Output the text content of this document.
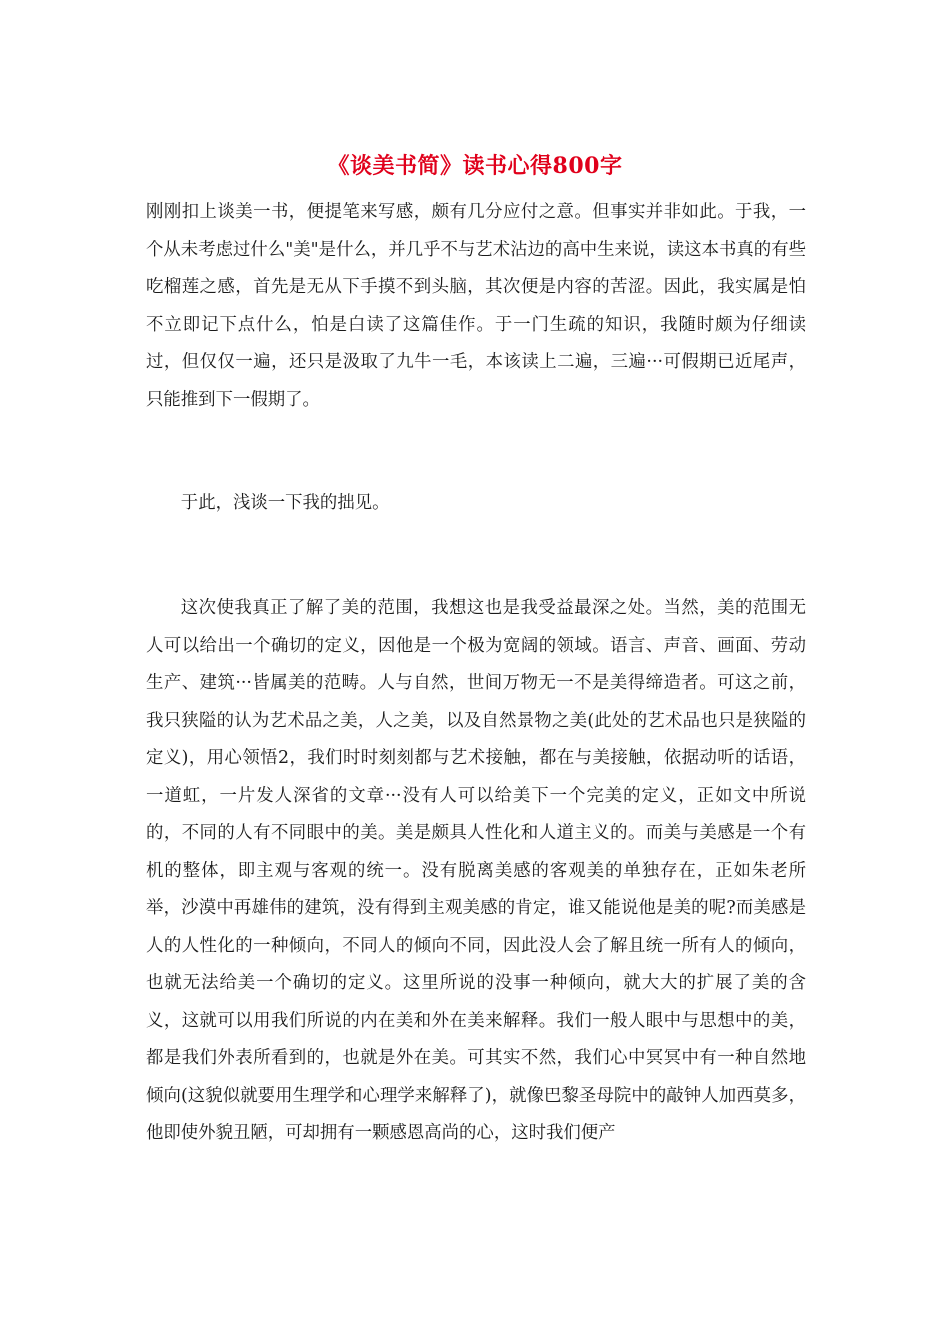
《谈美书简》读书心得800字

刚刚扣上谈美一书，便提笔来写感，颇有几分应付之意。但事实并非如此。于我，一个从未考虑过什么"美"是什么，并几乎不与艺术沾边的高中生来说，读这本书真的有些吃榴莲之感，首先是无从下手摸不到头脑，其次便是内容的苦涩。因此，我实属是怕不立即记下点什么，怕是白读了这篇佳作。于一门生疏的知识，我随时颇为仔细读过，但仅仅一遍，还只是汲取了九牛一毛，本该读上二遍，三遍···可假期已近尾声，只能推到下一假期了。

于此，浅谈一下我的拙见。

这次使我真正了解了美的范围，我想这也是我受益最深之处。当然，美的范围无人可以给出一个确切的定义，因他是一个极为宽阔的领域。语言、声音、画面、劳动生产、建筑···皆属美的范畴。人与自然，世间万物无一不是美得缔造者。可这之前，我只狭隘的认为艺术品之美，人之美，以及自然景物之美(此处的艺术品也只是狭隘的定义)，用心领悟2，我们时时刻刻都与艺术接触，都在与美接触，依据动听的话语，一道虹，一片发人深省的文章···没有人可以给美下一个完美的定义，正如文中所说的，不同的人有不同眼中的美。美是颇具人性化和人道主义的。而美与美感是一个有机的整体，即主观与客观的统一。没有脱离美感的客观美的单独存在，正如朱老所举，沙漠中再雄伟的建筑，没有得到主观美感的肯定，谁又能说他是美的呢?而美感是人的人性化的一种倾向，不同人的倾向不同，因此没人会了解且统一所有人的倾向，也就无法给美一个确切的定义。这里所说的没事一种倾向，就大大的扩展了美的含义，这就可以用我们所说的内在美和外在美来解释。我们一般人眼中与思想中的美，都是我们外表所看到的，也就是外在美。可其实不然，我们心中冥冥中有一种自然地倾向(这貌似就要用生理学和心理学来解释了)，就像巴黎圣母院中的敲钟人加西莫多，他即使外貌丑陋，可却拥有一颗感恩高尚的心，这时我们便产
